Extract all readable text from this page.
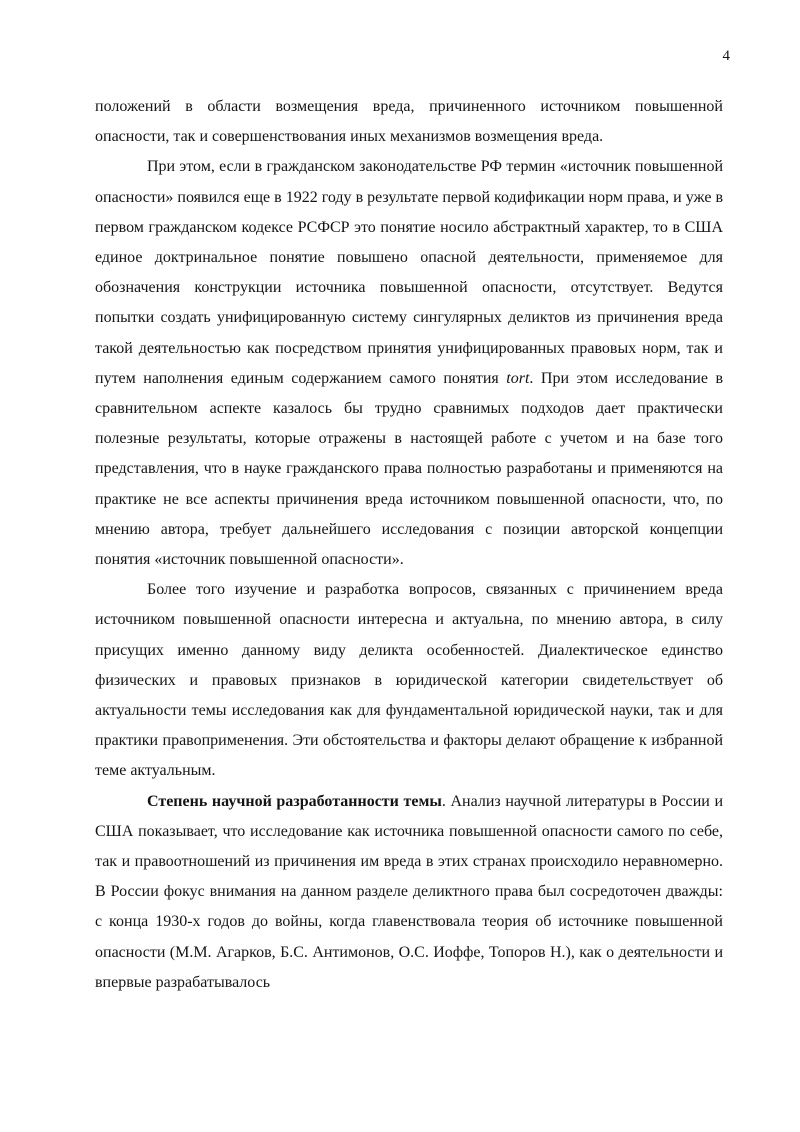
4

положений в области возмещения вреда, причиненного источником повышенной опасности, так и совершенствования иных механизмов возмещения вреда.

При этом, если в гражданском законодательстве РФ термин «источник повышенной опасности» появился еще в 1922 году в результате первой кодификации норм права, и уже в первом гражданском кодексе РСФСР это понятие носило абстрактный характер, то в США единое доктринальное понятие повышено опасной деятельности, применяемое для обозначения конструкции источника повышенной опасности, отсутствует. Ведутся попытки создать унифицированную систему сингулярных деликтов из причинения вреда такой деятельностью как посредством принятия унифицированных правовых норм, так и путем наполнения единым содержанием самого понятия tort. При этом исследование в сравнительном аспекте казалось бы трудно сравнимых подходов дает практически полезные результаты, которые отражены в настоящей работе с учетом и на базе того представления, что в науке гражданского права полностью разработаны и применяются на практике не все аспекты причинения вреда источником повышенной опасности, что, по мнению автора, требует дальнейшего исследования с позиции авторской концепции понятия «источник повышенной опасности».

Более того изучение и разработка вопросов, связанных с причинением вреда источником повышенной опасности интересна и актуальна, по мнению автора, в силу присущих именно данному виду деликта особенностей. Диалектическое единство физических и правовых признаков в юридической категории свидетельствует об актуальности темы исследования как для фундаментальной юридической науки, так и для практики правоприменения. Эти обстоятельства и факторы делают обращение к избранной теме актуальным.

Степень научной разработанности темы. Анализ научной литературы в России и США показывает, что исследование как источника повышенной опасности самого по себе, так и правоотношений из причинения им вреда в этих странах происходило неравномерно. В России фокус внимания на данном разделе деликтного права был сосредоточен дважды: с конца 1930-х годов до войны, когда главенствовала теория об источнике повышенной опасности (М.М. Агарков, Б.С. Антимонов, О.С. Иоффе, Топоров Н.), как о деятельности и впервые разрабатывалось
